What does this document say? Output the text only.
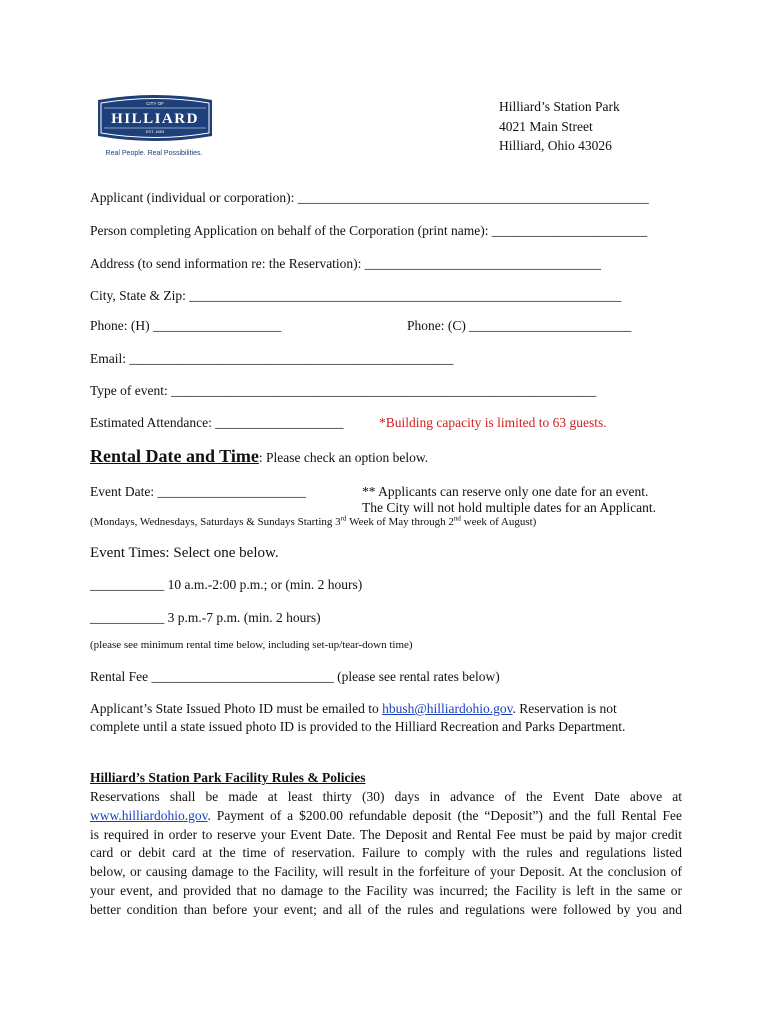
CITY OF
HILLIARD
EST. 1853
Real People. Real Possibilities.
Hilliard’s Station Park
4021 Main Street
Hilliard, Ohio 43026
Applicant (individual or corporation): ____________________________________________________
Person completing Application on behalf of the Corporation (print name): _______________________
Address (to send information re: the Reservation): ___________________________________
City, State & Zip: ________________________________________________________________
Phone: (H) ___________________	Phone: (C) ________________________
Email: ________________________________________________
Type of event: _______________________________________________________________
Estimated Attendance: ___________________	*Building capacity is limited to 63 guests.
Rental Date and Time: Please check an option below.
Event Date: ______________________	** Applicants can reserve only one date for an event.
The City will not hold multiple dates for an Applicant.
(Mondays, Wednesdays, Saturdays & Sundays Starting 3rd Week of May through 2nd week of August)
Event Times: Select one below.
___________ 10 a.m.-2:00 p.m.; or (min. 2 hours)
___________ 3 p.m.-7 p.m. (min. 2 hours)
(please see minimum rental time below, including set-up/tear-down time)
Rental Fee ___________________________ (please see rental rates below)
Applicant’s State Issued Photo ID must be emailed to hbush@hilliardohio.gov. Reservation is not
complete until a state issued photo ID is provided to the Hilliard Recreation and Parks Department.
Hilliard’s Station Park Facility Rules & Policies
Reservations shall be made at least thirty (30) days in advance of the Event Date above at
www.hilliardohio.gov. Payment of a $200.00 refundable deposit (the “Deposit”) and the full Rental Fee
is required in order to reserve your Event Date. The Deposit and Rental Fee must be paid by major credit
card or debit card at the time of reservation. Failure to comply with the rules and regulations listed
below, or causing damage to the Facility, will result in the forfeiture of your Deposit. At the conclusion of
your event, and provided that no damage to the Facility was incurred; the Facility is left in the same or
better condition than before your event; and all of the rules and regulations were followed by you and
